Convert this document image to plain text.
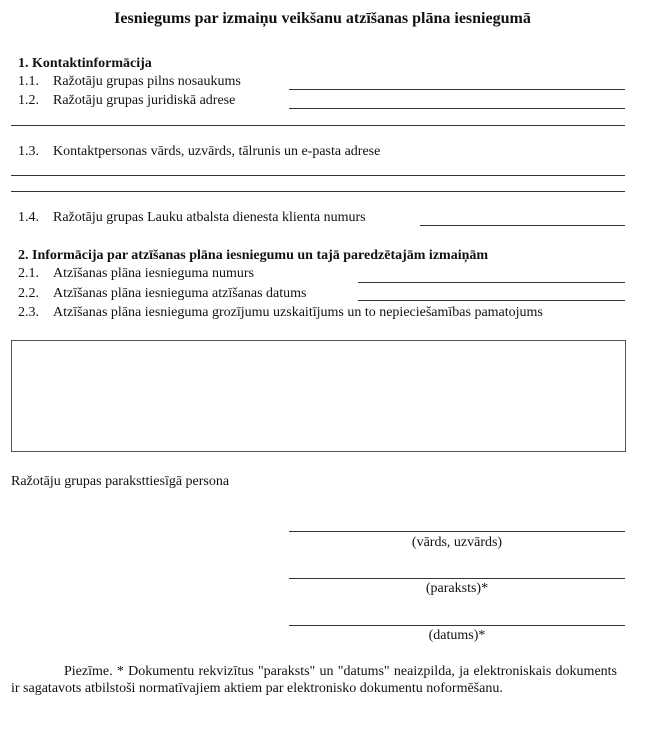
Iesniegums par izmaiņu veikšanu atzīšanas plāna iesniegumā
1. Kontaktinformācija
1.1. Ražotāju grupas pilns nosaukums
1.2. Ražotāju grupas juridiskā adrese
1.3. Kontaktpersonas vārds, uzvārds, tālrunis un e-pasta adrese
1.4. Ražotāju grupas Lauku atbalsta dienesta klienta numurs
2. Informācija par atzīšanas plāna iesniegumu un tajā paredzētajām izmaiņām
2.1. Atzīšanas plāna iesnieguma numurs
2.2. Atzīšanas plāna iesnieguma atzīšanas datums
2.3. Atzīšanas plāna iesnieguma grozījumu uzskaitījums un to nepieciešamības pamatojums
Ražotāju grupas paraksttiesīgā persona
(vārds, uzvārds)
(paraksts)*
(datums)*
Piezīme. * Dokumentu rekvizītus "paraksts" un "datums" neaizpilda, ja elektroniskais dokuments ir sagatavots atbilstoši normatīvajiem aktiem par elektronisko dokumentu noformēšanu.
